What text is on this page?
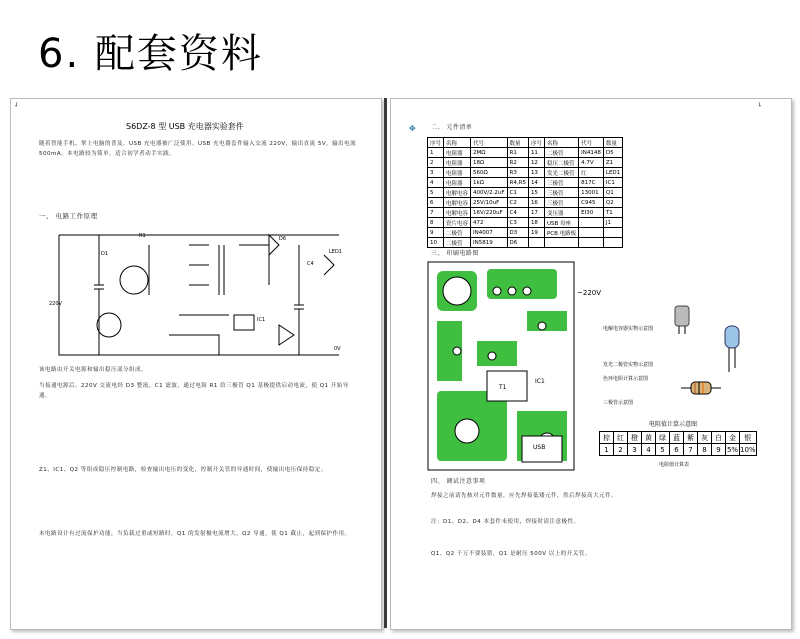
6. 配套资料
┘
S6DZ-8 型 USB 充电器实验套件
随着智能手机、掌上电脑的普及，USB 充电器被广泛使用。USB 充电器套件输入交流 220V，输出直流 5V，输出电流 500mA。本电路较为简单，适合初学者动手实践。
一、 电路工作原理
D1
R1	D6
C4
LED1
IC1
220V
0V
该电路由开关电源和输出稳压部分组成。
当接通电源后，220V 交流电经 D3 整流，C1 滤波，通过电阻 R1 给三极管 Q1 基极提供启动电流，使 Q1 开始导通。
Z1、IC1、Q2 等组成稳压控制电路，检查输出电压的变化，控制开关管的导通时间，使输出电压保持稳定。
本电路设计有过流保护功能，当负载过重或短路时，Q1 的发射极电流增大，Q2 导通，使 Q1 截止，起到保护作用。
✥
└
二、 元件清单
序号	名称	代号	数量	序号	名称	代号	数量
1	电阻器	2MΩ	R1	11	二极管	IN4148	D5
2	电阻器	18Ω	R2	12	稳压二极管	4.7V	Z1
3	电阻器	560Ω	R3	13	发光二极管	红	LED1
4	电阻器	1kΩ	R4,R5	14	三极管	817C	IC1
5	电解电容	400V/2.2uF	C1	15	三极管	13001	Q1
6	电解电容	25V/10uF	C2	16	三极管	C945	Q2
7	电解电容	16V/220uF	C4	17	变压器	EI30	T1
8	瓷片电容	472	C3	18	USB 母座		J1
9	二极管	IN4007	D3	19	PCB 电路板		
10	二极管	IN5819	D6				
三、 印刷电路图
T1
USB
IC1
~220V
电解电容器实物示意图
发光二极管实物示意图
色环电阻计算示意图
三极管示意图
电阻值计算示意图
棕	红	橙	黄	绿	蓝	紫	灰	白	金	银
1	2	3	4	5	6	7	8	9	5%	10%
电阻值计算表
四、 调试注意事项
焊接之前请先核对元件数量，应先焊接低矮元件，然后焊接高大元件。
注：D1、D2、D4 本套件未使用，焊接时请注意极性。
Q1、Q2 千万不要装错，Q1 是耐压 500V 以上的开关管。
